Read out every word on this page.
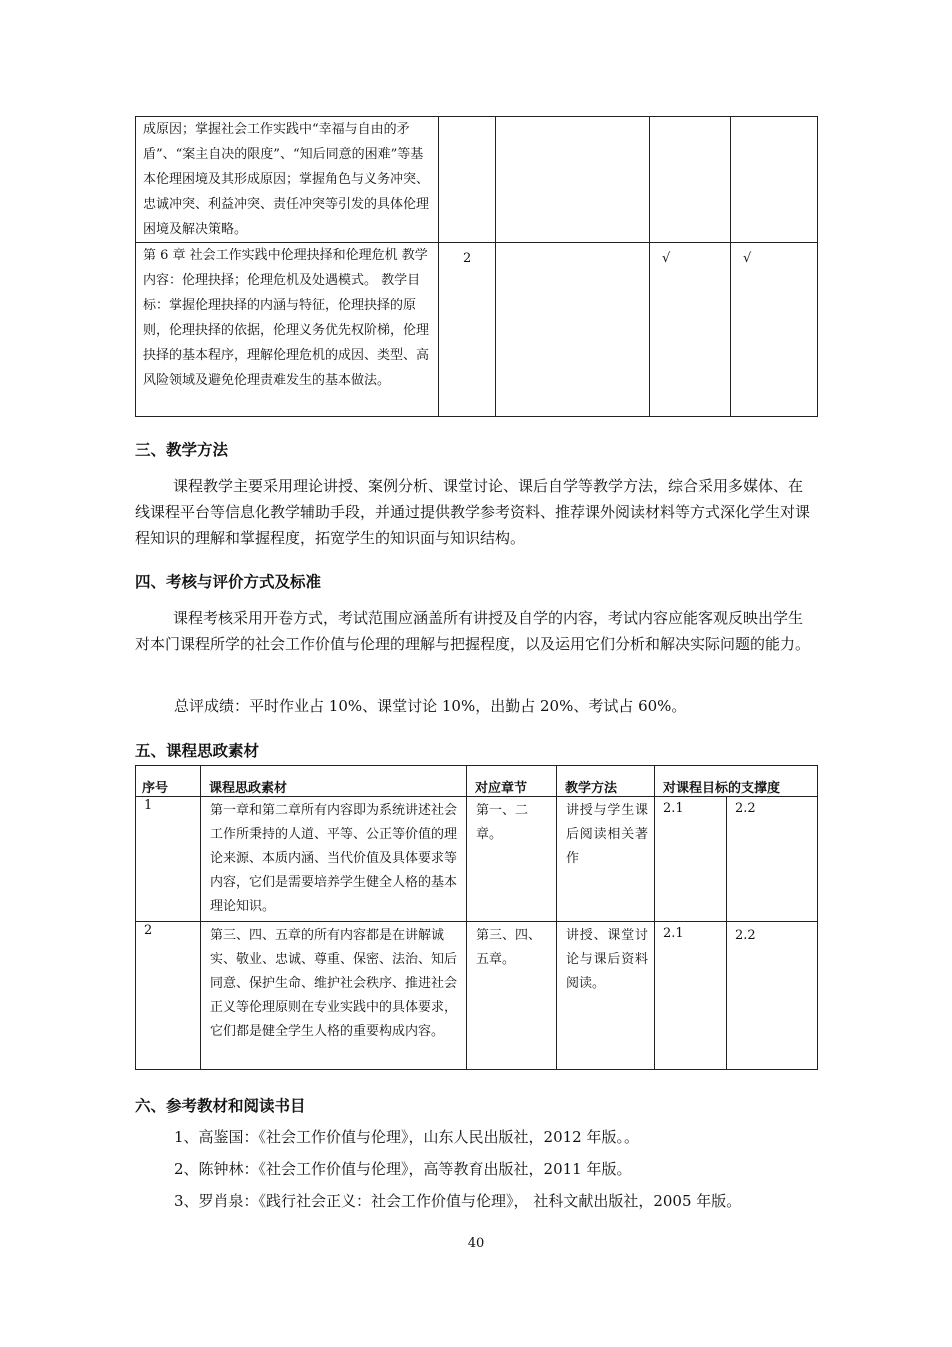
成原因；掌握社会工作实践中“幸福与自由的矛盾”、“案主自决的限度”、“知后同意的困难”等基本伦理困境及其形成原因；掌握角色与义务冲突、忠诚冲突、利益冲突、责任冲突等引发的具体伦理困境及解决策略。				
第 6 章 社会工作实践中伦理抉择和伦理危机 教学内容：伦理抉择；伦理危机及处遇模式。 教学目标：掌握伦理抉择的内涵与特征，伦理抉择的原则，伦理抉择的依据，伦理义务优先权阶梯，伦理抉择的基本程序，理解伦理危机的成因、类型、高风险领域及避免伦理责难发生的基本做法。	2		√	√
三、教学方法

课程教学主要采用理论讲授、案例分析、课堂讨论、课后自学等教学方法，综合采用多媒体、在线课程平台等信息化教学辅助手段，并通过提供教学参考资料、推荐课外阅读材料等方式深化学生对课程知识的理解和掌握程度，拓宽学生的知识面与知识结构。

四、考核与评价方式及标准

课程考核采用开卷方式，考试范围应涵盖所有讲授及自学的内容，考试内容应能客观反映出学生对本门课程所学的社会工作价值与伦理的理解与把握程度，以及运用它们分析和解决实际问题的能力。

总评成绩：平时作业占 10%、课堂讨论 10%，出勤占 20%、考试占 60%。

五、课程思政素材
序号	课程思政素材	对应章节	教学方法	对课程目标的支撑度	
1	第一章和第二章所有内容即为系统讲述社会工作所秉持的人道、平等、公正等价值的理论来源、本质内涵、当代价值及具体要求等内容，它们是需要培养学生健全人格的基本理论知识。	第一、二章。	讲授与学生课后阅读相关著作	2.1	2.2
2	第三、四、五章的所有内容都是在讲解诚实、敬业、忠诚、尊重、保密、法治、知后同意、保护生命、维护社会秩序、推进社会正义等伦理原则在专业实践中的具体要求，它们都是健全学生人格的重要构成内容。	第三、四、五章。	讲授、课堂讨论与课后资料阅读。	2.1	2.2
六、参考教材和阅读书目

1、高鉴国：《社会工作价值与伦理》，山东人民出版社，2012 年版。。

2、陈钟林：《社会工作价值与伦理》，高等教育出版社，2011 年版。

3、罗肖泉：《践行社会正义：社会工作价值与伦理》， 社科文献出版社，2005 年版。

40
